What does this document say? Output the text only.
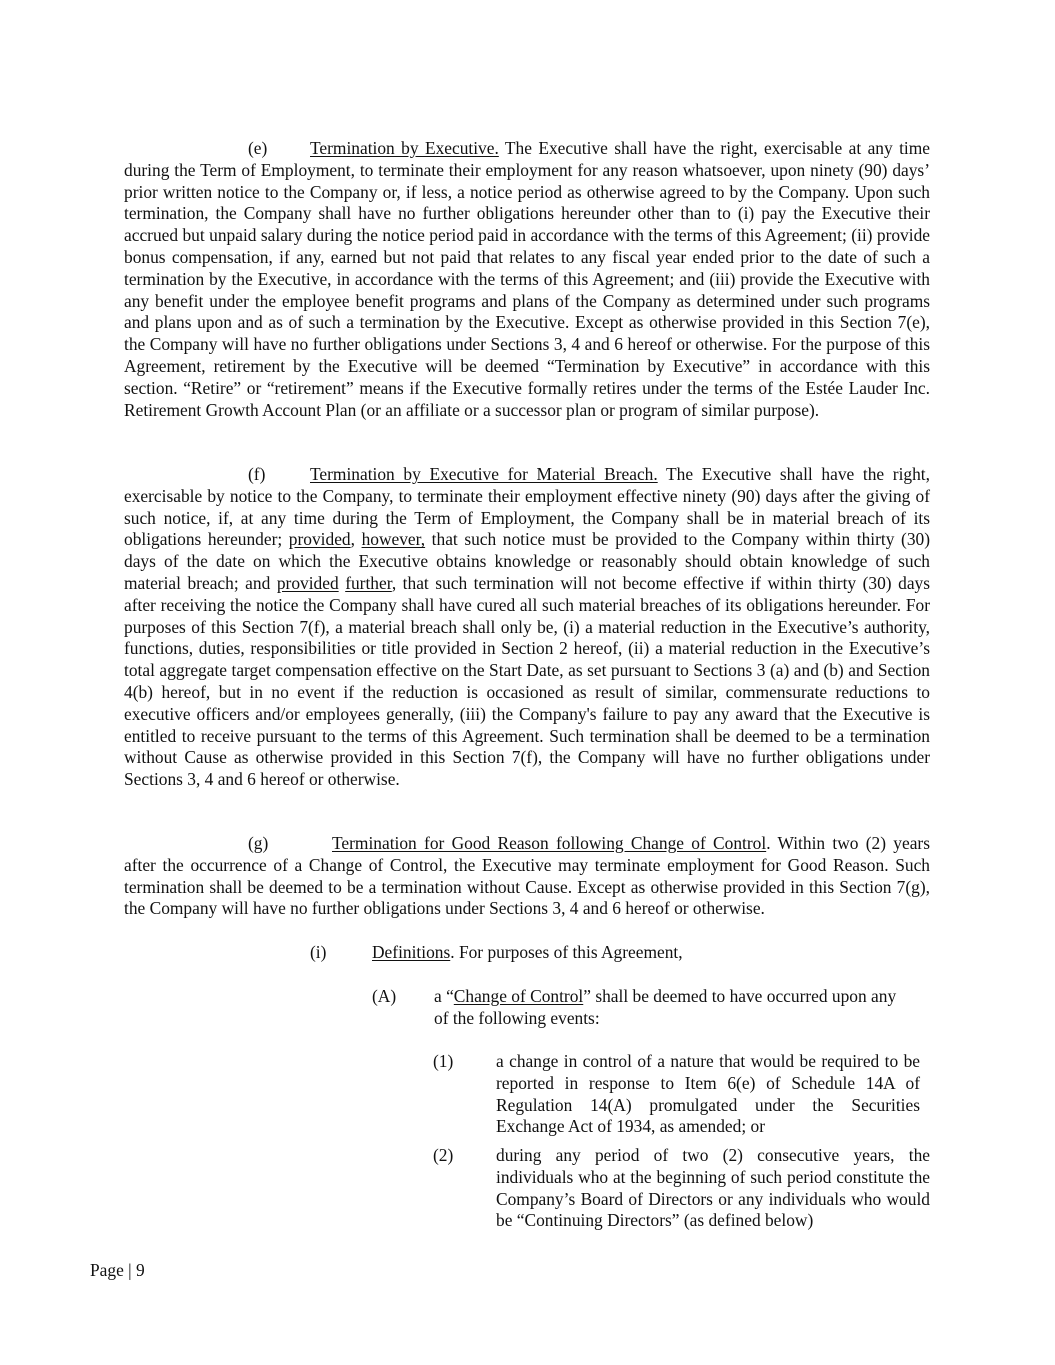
(e) Termination by Executive. The Executive shall have the right, exercisable at any time during the Term of Employment, to terminate their employment for any reason whatsoever, upon ninety (90) days’ prior written notice to the Company or, if less, a notice period as otherwise agreed to by the Company. Upon such termination, the Company shall have no further obligations hereunder other than to (i) pay the Executive their accrued but unpaid salary during the notice period paid in accordance with the terms of this Agreement; (ii) provide bonus compensation, if any, earned but not paid that relates to any fiscal year ended prior to the date of such a termination by the Executive, in accordance with the terms of this Agreement; and (iii) provide the Executive with any benefit under the employee benefit programs and plans of the Company as determined under such programs and plans upon and as of such a termination by the Executive. Except as otherwise provided in this Section 7(e), the Company will have no further obligations under Sections 3, 4 and 6 hereof or otherwise. For the purpose of this Agreement, retirement by the Executive will be deemed “Termination by Executive” in accordance with this section. “Retire” or “retirement” means if the Executive formally retires under the terms of the Estée Lauder Inc. Retirement Growth Account Plan (or an affiliate or a successor plan or program of similar purpose).

(f)	Termination by Executive for Material Breach. The Executive shall have the right, exercisable by notice to the Company, to terminate their employment effective ninety (90) days after the giving of such notice, if, at any time during the Term of Employment, the Company shall be in material breach of its obligations hereunder; provided, however, that such notice must be provided to the Company within thirty (30) days of the date on which the Executive obtains knowledge or reasonably should obtain knowledge of such material breach; and provided further, that such termination will not become effective if within thirty (30) days after receiving the notice the Company shall have cured all such material breaches of its obligations hereunder. For purposes of this Section 7(f), a material breach shall only be, (i) a material reduction in the Executive’s authority, functions, duties, responsibilities or title provided in Section 2 hereof, (ii) a material reduction in the Executive’s total aggregate target compensation effective on the Start Date, as set pursuant to Sections 3 (a) and (b) and Section 4(b) hereof, but in no event if the reduction is occasioned as result of similar, commensurate reductions to executive officers and/or employees generally, (iii) the Company's failure to pay any award that the Executive is entitled to receive pursuant to the terms of this Agreement. Such termination shall be deemed to be a termination without Cause as otherwise provided in this Section 7(f), the Company will have no further obligations under Sections 3, 4 and 6 hereof or otherwise.

(g)	Termination for Good Reason following Change of Control. Within two (2) years after the occurrence of a Change of Control, the Executive may terminate employment for Good Reason. Such termination shall be deemed to be a termination without Cause. Except as otherwise provided in this Section 7(g), the Company will have no further obligations under Sections 3, 4 and 6 hereof or otherwise.

(i)	Definitions. For purposes of this Agreement,
(A) a “Change of Control” shall be deemed to have occurred upon any of the following events:

(1) a change in control of a nature that would be required to be reported in response to Item 6(e) of Schedule 14A of Regulation 14(A) promulgated under the Securities Exchange Act of 1934, as amended; or

(2) during any period of two (2) consecutive years, the individuals who at the beginning of such period constitute the Company’s Board of Directors or any individuals who would be “Continuing Directors” (as defined below)

Page | 9
